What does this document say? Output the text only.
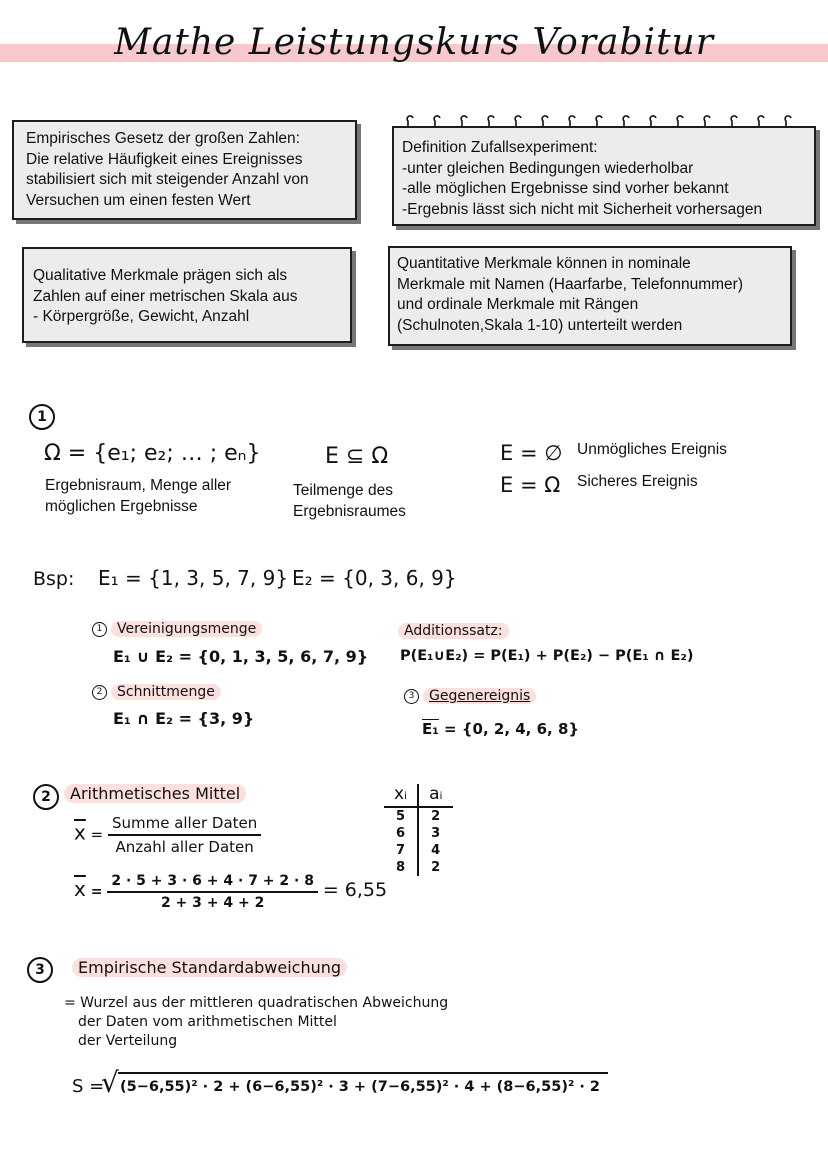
Mathe Leistungskurs Vorabitur
Empirisches Gesetz der großen Zahlen:
Die relative Häufigkeit eines Ereignisses
stabilisiert sich mit steigender Anzahl von
Versuchen um einen festen Wert
Definition Zufallsexperiment:
-unter gleichen Bedingungen wiederholbar
-alle möglichen Ergebnisse sind vorher bekannt
-Ergebnis lässt sich nicht mit Sicherheit vorhersagen
Qualitative Merkmale prägen sich als
Zahlen auf einer metrischen Skala aus
- Körpergröße, Gewicht, Anzahl
Quantitative Merkmale können in nominale
Merkmale mit Namen (Haarfarbe, Telefonnummer)
und ordinale Merkmale mit Rängen
(Schulnoten,Skala 1-10) unterteilt werden
1
Ω = {e₁; e₂; … ; eₙ}
Ergebnisraum, Menge aller
möglichen Ergebnisse
E ⊆ Ω
Teilmenge des
Ergebnisraumes
E = ∅ Unmögliches Ereignis
E = Ω Sicheres Ereignis
Bsp: E₁ = {1, 3, 5, 7, 9} E₂ = {0, 3, 6, 9}
1 Vereinigungsmenge
E₁ ∪ E₂ = {0, 1, 3, 5, 6, 7, 9}
2 Schnittmenge
E₁ ∩ E₂ = {3, 9}
Additionssatz:
P(E₁∪E₂) = P(E₁) + P(E₂) − P(E₁ ∩ E₂)
3 Gegenereignis
E₁ = {0, 2, 4, 6, 8}
2	Arithmetisches Mittel
$\overline{x} = \frac{\text{Summe aller Daten}}{\text{Anzahl aller Daten}}$
$\overline{x} = \frac{2 \cdot 5 + 3 \cdot 6 + 4 \cdot 7 + 2 \cdot 8}{2 + 3 + 4 + 2} = 6,55$
xᵢ	aᵢ
5	2
6	3
7	4
8	2
3	Empirische Standardabweichung
= Wurzel aus der mittleren quadratischen Abweichung
der Daten vom arithmetischen Mittel
der Verteilung
S =
√ (5−6,55)² · 2 + (6−6,55)² · 3 + (7−6,55)² · 4 + (8−6,55)² · 2
